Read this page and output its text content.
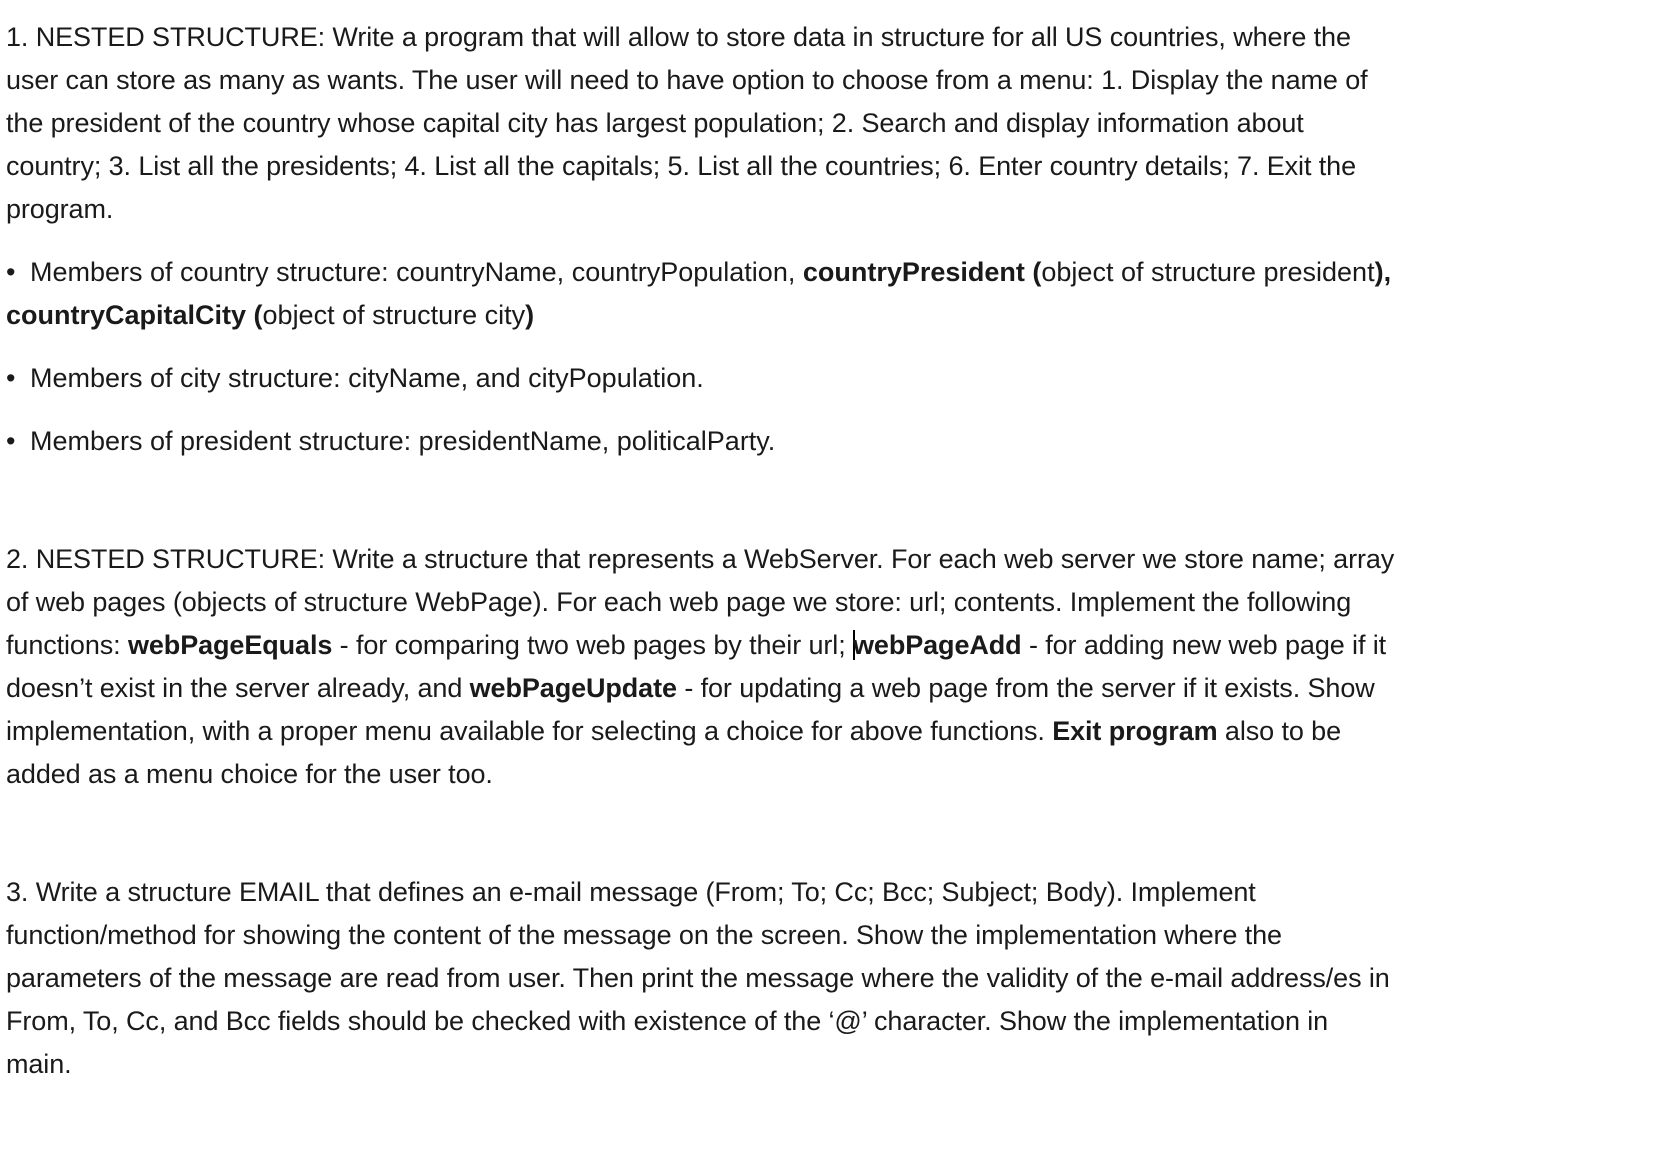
1. NESTED STRUCTURE: Write a program that will allow to store data in structure for all US countries, where the user can store as many as wants. The user will need to have option to choose from a menu: 1. Display the name of the president of the country whose capital city has largest population; 2. Search and display information about country; 3. List all the presidents; 4. List all the capitals; 5. List all the countries; 6. Enter country details; 7. Exit the program.

• Members of country structure: countryName, countryPopulation, countryPresident (object of structure president), countryCapitalCity (object of structure city)

• Members of city structure: cityName, and cityPopulation.

• Members of president structure: presidentName, politicalParty.

2. NESTED STRUCTURE: Write a structure that represents a WebServer. For each web server we store name; array of web pages (objects of structure WebPage). For each web page we store: url; contents. Implement the following functions: webPageEquals - for comparing two web pages by their url; webPageAdd - for adding new web page if it doesn’t exist in the server already, and webPageUpdate - for updating a web page from the server if it exists. Show implementation, with a proper menu available for selecting a choice for above functions. Exit program also to be added as a menu choice for the user too.

3. Write a structure EMAIL that defines an e-mail message (From; To; Cc; Bcc; Subject; Body). Implement function/method for showing the content of the message on the screen. Show the implementation where the parameters of the message are read from user. Then print the message where the validity of the e-mail address/es in From, To, Cc, and Bcc fields should be checked with existence of the ‘@’ character. Show the implementation in main.
